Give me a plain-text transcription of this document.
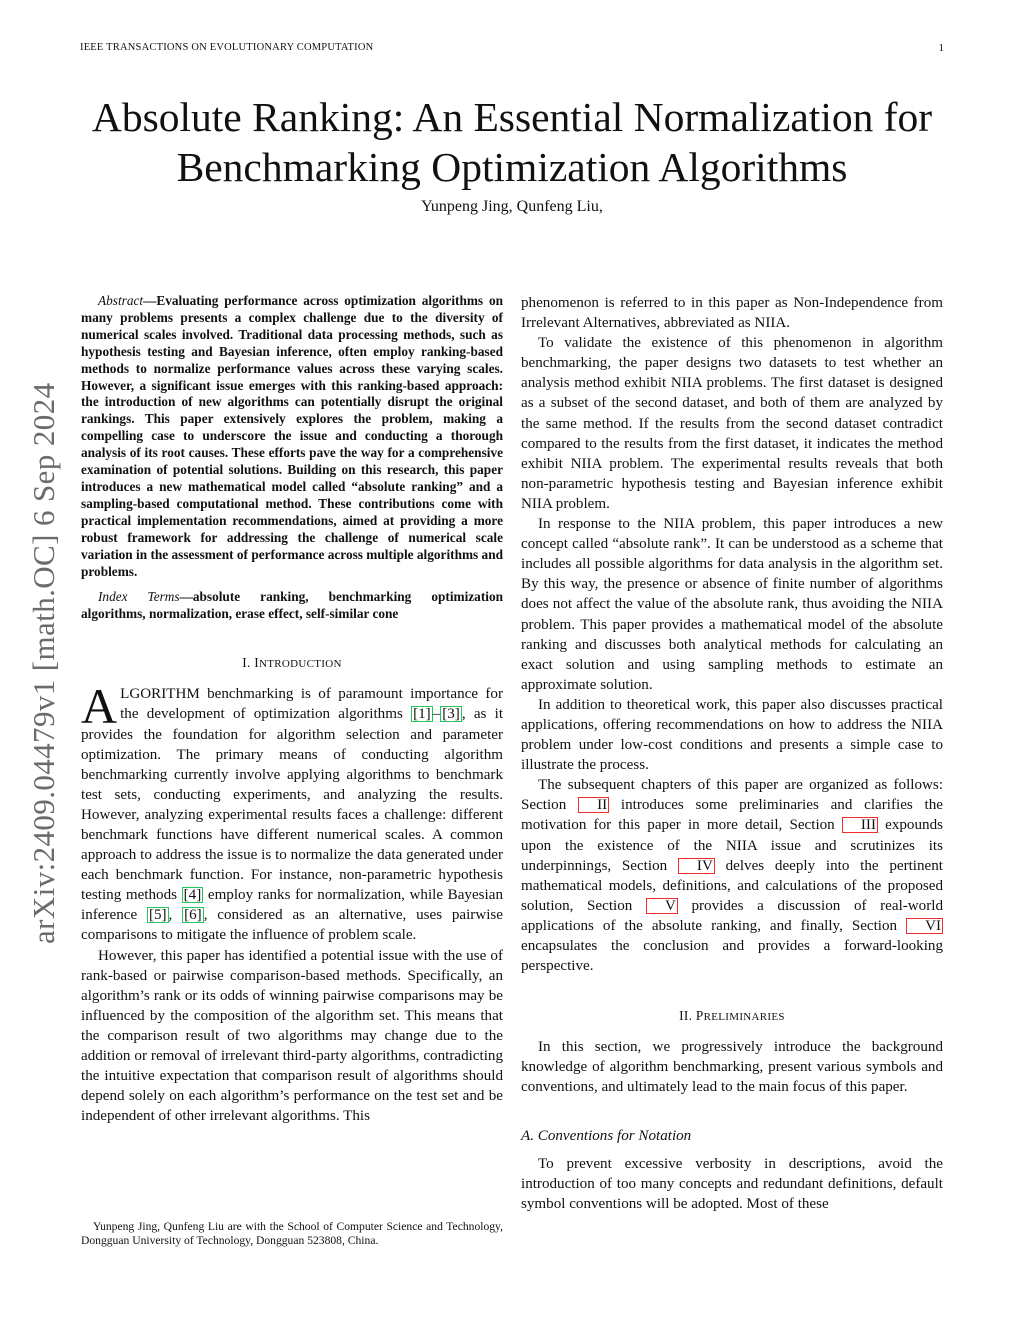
IEEE TRANSACTIONS ON EVOLUTIONARY COMPUTATION	1
Absolute Ranking: An Essential Normalization for Benchmarking Optimization Algorithms
Yunpeng Jing, Qunfeng Liu,
arXiv:2409.04479v1 [math.OC] 6 Sep 2024

Abstract—Evaluating performance across optimization algorithms on many problems presents a complex challenge due to the diversity of numerical scales involved. Traditional data processing methods, such as hypothesis testing and Bayesian inference, often employ ranking-based methods to normalize performance values across these varying scales. However, a significant issue emerges with this ranking-based approach: the introduction of new algorithms can potentially disrupt the original rankings. This paper extensively explores the problem, making a compelling case to underscore the issue and conducting a thorough analysis of its root causes. These efforts pave the way for a comprehensive examination of potential solutions. Building on this research, this paper introduces a new mathematical model called “absolute ranking” and a sampling-based computational method. These contributions come with practical implementation recommendations, aimed at providing a more robust framework for addressing the challenge of numerical scale variation in the assessment of performance across multiple algorithms and problems.

Index Terms—absolute ranking, benchmarking optimization algorithms, normalization, erase effect, self-similar cone

I. INTRODUCTION

ALGORITHM benchmarking is of paramount importance for the development of optimization algorithms [1] – [3] , as it provides the foundation for algorithm selection and parameter optimization. The primary means of conducting algorithm benchmarking currently involve applying algorithms to benchmark test sets, conducting experiments, and analyzing the results. However, analyzing experimental results faces a challenge: different benchmark functions have different numerical scales. A common approach to address the issue is to normalize the data generated under each benchmark function. For instance, non-parametric hypothesis testing methods [4] employ ranks for normalization, while Bayesian inference [5] , [6] , considered as an alternative, uses pairwise comparisons to mitigate the influence of problem scale.

However, this paper has identified a potential issue with the use of rank-based or pairwise comparison-based methods. Specifically, an algorithm’s rank or its odds of winning pairwise comparisons may be influenced by the composition of the algorithm set. This means that the comparison result of two algorithms may change due to the addition or removal of irrelevant third-party algorithms, contradicting the intuitive expectation that comparison result of algorithms should depend solely on each algorithm’s performance on the test set and be independent of other irrelevant algorithms. This

Yunpeng Jing, Qunfeng Liu are with the School of Computer Science and Technology, Dongguan University of Technology, Dongguan 523808, China.

phenomenon is referred to in this paper as Non-Independence from Irrelevant Alternatives, abbreviated as NIIA.

To validate the existence of this phenomenon in algorithm benchmarking, the paper designs two datasets to test whether an analysis method exhibit NIIA problems. The first dataset is designed as a subset of the second dataset, and both of them are analyzed by the same method. If the results from the second dataset contradict compared to the results from the first dataset, it indicates the method exhibit NIIA problem. The experimental results reveals that both non-parametric hypothesis testing and Bayesian inference exhibit NIIA problem.

In response to the NIIA problem, this paper introduces a new concept called “absolute rank”. It can be understood as a scheme that includes all possible algorithms for data analysis in the algorithm set. By this way, the presence or absence of finite number of algorithms does not affect the value of the absolute rank, thus avoiding the NIIA problem. This paper provides a mathematical model of the absolute ranking and discusses both analytical methods for calculating an exact solution and using sampling methods to estimate an approximate solution.

In addition to theoretical work, this paper also discusses practical applications, offering recommendations on how to address the NIIA problem under low-cost conditions and presents a simple case to illustrate the process.

The subsequent chapters of this paper are organized as follows: Section II introduces some preliminaries and clarifies the motivation for this paper in more detail, Section III expounds upon the existence of the NIIA issue and scrutinizes its underpinnings, Section IV delves deeply into the pertinent mathematical models, definitions, and calculations of the proposed solution, Section V provides a discussion of real-world applications of the absolute ranking, and finally, Section VI encapsulates the conclusion and provides a forward-looking perspective.

II. PRELIMINARIES

In this section, we progressively introduce the background knowledge of algorithm benchmarking, present various symbols and conventions, and ultimately lead to the main focus of this paper.

A. Conventions for Notation

To prevent excessive verbosity in descriptions, avoid the introduction of too many concepts and redundant definitions, default symbol conventions will be adopted. Most of these
